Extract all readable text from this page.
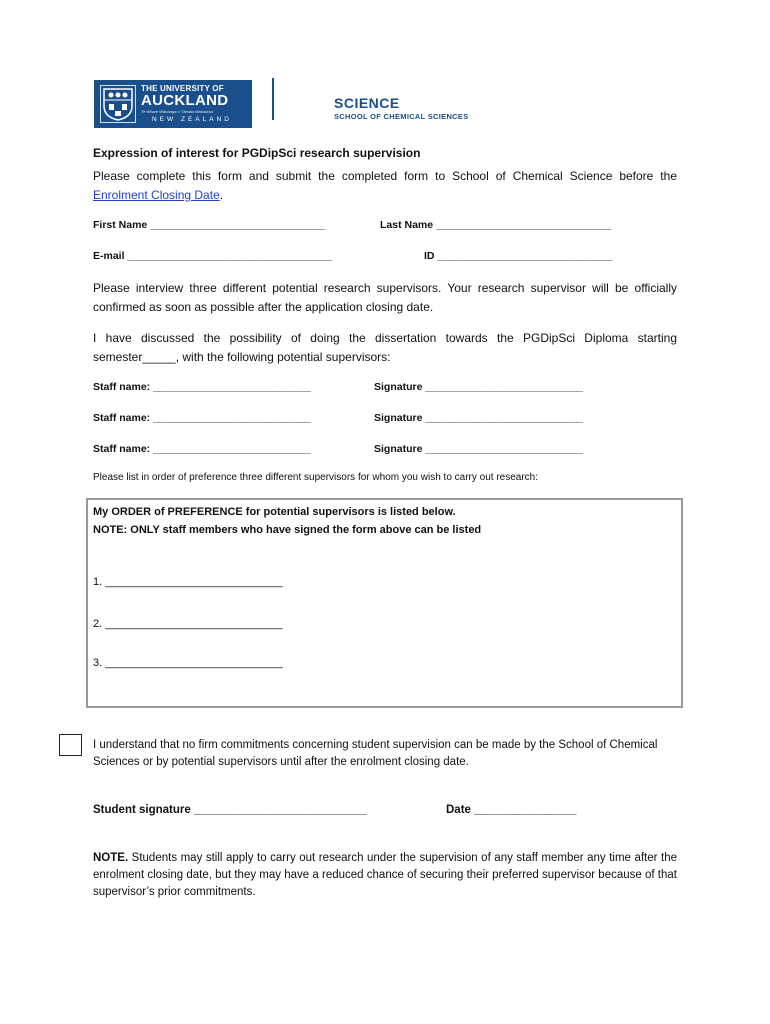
THE UNIVERSITY OF
AUCKLAND
Te Whare Wānanga o Tāmaki Makaurau
NEW ZEALAND
SCIENCE
SCHOOL OF CHEMICAL SCIENCES
Expression of interest for PGDipSci research supervision
Please complete this form and submit the completed form to School of Chemical Science before the Enrolment Closing Date.
First Name ______________________________	Last Name ______________________________
E-mail ___________________________________	ID ______________________________
Please interview three different potential research supervisors. Your research supervisor will be officially confirmed as soon as possible after the application closing date.
I have discussed the possibility of doing the dissertation towards the PGDipSci Diploma starting semester_____, with the following potential supervisors:
Staff name: ___________________________	Signature ___________________________
Staff name: ___________________________	Signature ___________________________
Staff name: ___________________________	Signature ___________________________
Please list in order of preference three different supervisors for whom you wish to carry out research:
My ORDER of PREFERENCE for potential supervisors is listed below.
NOTE: ONLY staff members who have signed the form above can be listed
1. _____________________________
2. _____________________________
3. _____________________________
I understand that no firm commitments concerning student supervision can be made by the School of Chemical Sciences or by potential supervisors until after the enrolment closing date.
Student signature ___________________________	Date ________________
NOTE. Students may still apply to carry out research under the supervision of any staff member any time after the enrolment closing date, but they may have a reduced chance of securing their preferred supervisor because of that supervisor’s prior commitments.
